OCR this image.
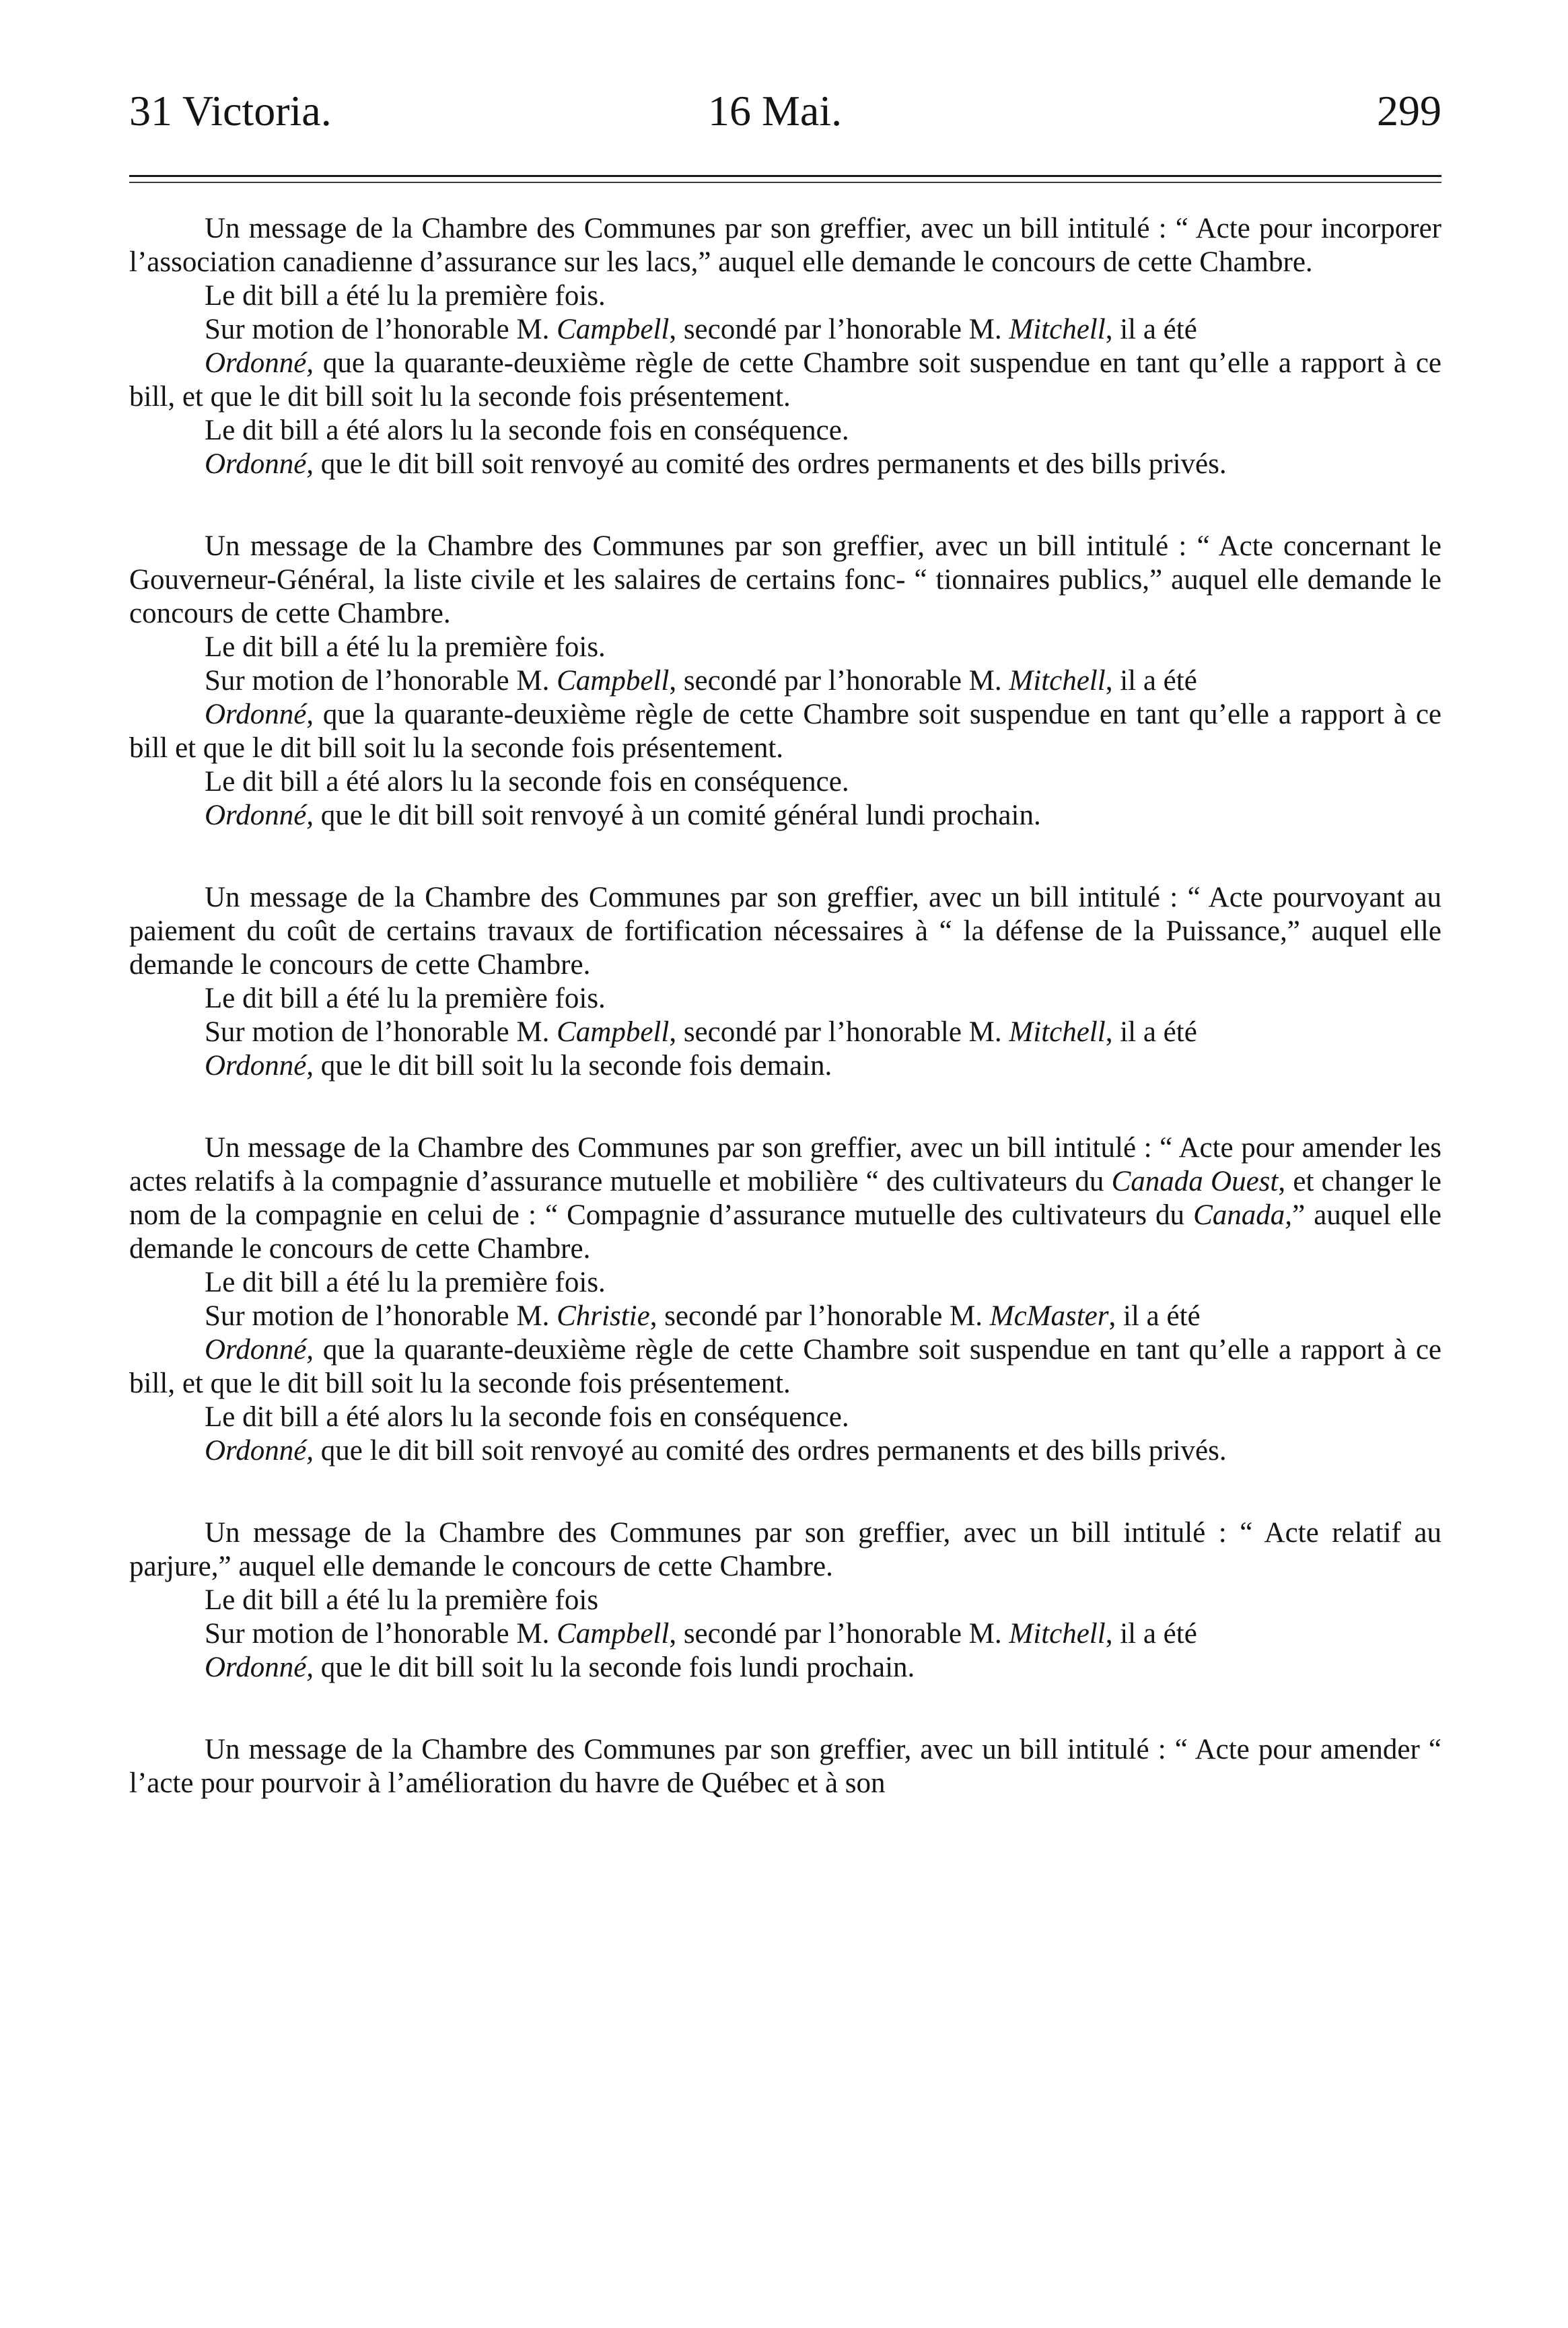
31 Victoria.	16 Mai.	299

Un message de la Chambre des Communes par son greffier, avec un bill intitulé : “ Acte pour incorporer l’association canadienne d’assurance sur les lacs,” auquel elle demande le concours de cette Chambre.

Le dit bill a été lu la première fois.

Sur motion de l’honorable M. Campbell, secondé par l’honorable M. Mitchell, il a été

Ordonné, que la quarante-deuxième règle de cette Chambre soit suspendue en tant qu’elle a rapport à ce bill, et que le dit bill soit lu la seconde fois présentement.

Le dit bill a été alors lu la seconde fois en conséquence.

Ordonné, que le dit bill soit renvoyé au comité des ordres permanents et des bills privés.

Un message de la Chambre des Communes par son greffier, avec un bill intitulé : “ Acte concernant le Gouverneur-Général, la liste civile et les salaires de certains fonc- “ tionnaires publics,” auquel elle demande le concours de cette Chambre.

Le dit bill a été lu la première fois.

Sur motion de l’honorable M. Campbell, secondé par l’honorable M. Mitchell, il a été

Ordonné, que la quarante-deuxième règle de cette Chambre soit suspendue en tant qu’elle a rapport à ce bill et que le dit bill soit lu la seconde fois présentement.

Le dit bill a été alors lu la seconde fois en conséquence.

Ordonné, que le dit bill soit renvoyé à un comité général lundi prochain.

Un message de la Chambre des Communes par son greffier, avec un bill intitulé : “ Acte pourvoyant au paiement du coût de certains travaux de fortification nécessaires à “ la défense de la Puissance,” auquel elle demande le concours de cette Chambre.

Le dit bill a été lu la première fois.

Sur motion de l’honorable M. Campbell, secondé par l’honorable M. Mitchell, il a été

Ordonné, que le dit bill soit lu la seconde fois demain.

Un message de la Chambre des Communes par son greffier, avec un bill intitulé : “ Acte pour amender les actes relatifs à la compagnie d’assurance mutuelle et mobilière “ des cultivateurs du Canada Ouest, et changer le nom de la compagnie en celui de : “ Compagnie d’assurance mutuelle des cultivateurs du Canada,” auquel elle demande le concours de cette Chambre.

Le dit bill a été lu la première fois.

Sur motion de l’honorable M. Christie, secondé par l’honorable M. McMaster, il a été

Ordonné, que la quarante-deuxième règle de cette Chambre soit suspendue en tant qu’elle a rapport à ce bill, et que le dit bill soit lu la seconde fois présentement.

Le dit bill a été alors lu la seconde fois en conséquence.

Ordonné, que le dit bill soit renvoyé au comité des ordres permanents et des bills privés.

Un message de la Chambre des Communes par son greffier, avec un bill intitulé : “ Acte relatif au parjure,” auquel elle demande le concours de cette Chambre.

Le dit bill a été lu la première fois

Sur motion de l’honorable M. Campbell, secondé par l’honorable M. Mitchell, il a été

Ordonné, que le dit bill soit lu la seconde fois lundi prochain.

Un message de la Chambre des Communes par son greffier, avec un bill intitulé : “ Acte pour amender “ l’acte pour pourvoir à l’amélioration du havre de Québec et à son
